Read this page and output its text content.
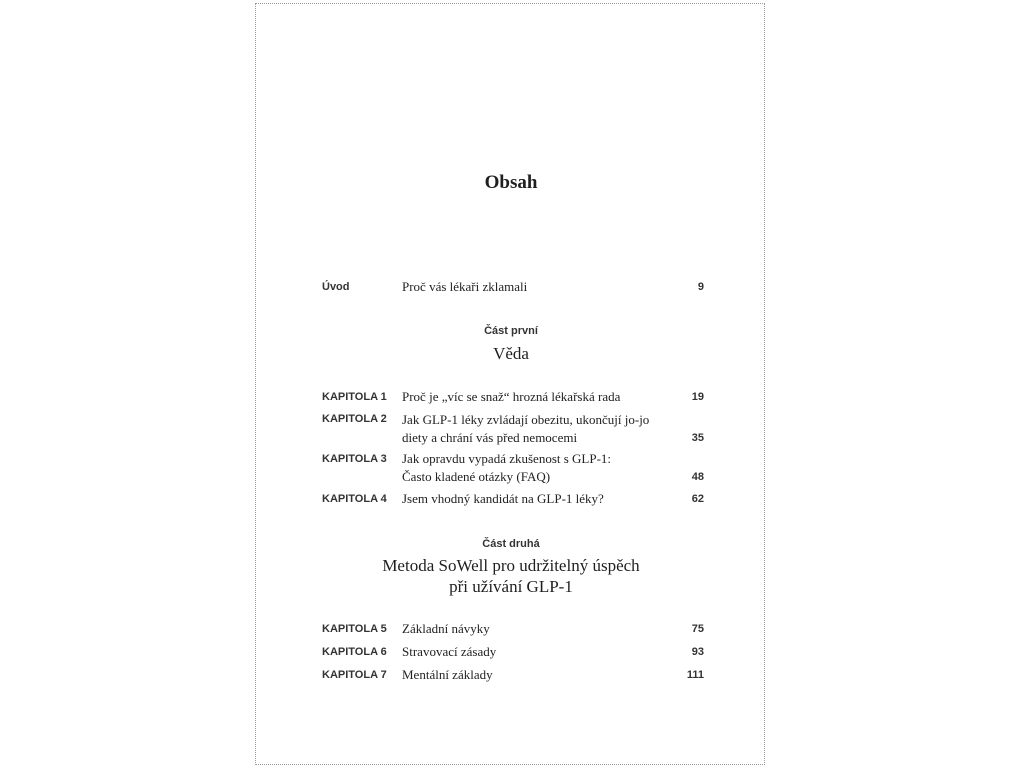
Obsah
Úvod	Proč vás lékaři zklamali	9
Část první
Věda
KAPITOLA 1 Proč je „víc se snaž“ hrozná lékařská rada	19
KAPITOLA 2 Jak GLP-1 léky zvládají obezitu, ukončují jo-jo
diety a chrání vás před nemocemi	35
KAPITOLA 3 Jak opravdu vypadá zkušenost s GLP-1:
Často kladené otázky (FAQ)	48
KAPITOLA 4 Jsem vhodný kandidát na GLP-1 léky?	62
Část druhá
Metoda SoWell pro udržitelný úspěch
při užívání GLP-1
KAPITOLA 5 Základní návyky	75
KAPITOLA 6 Stravovací zásady	93
KAPITOLA 7 Mentální základy	111
